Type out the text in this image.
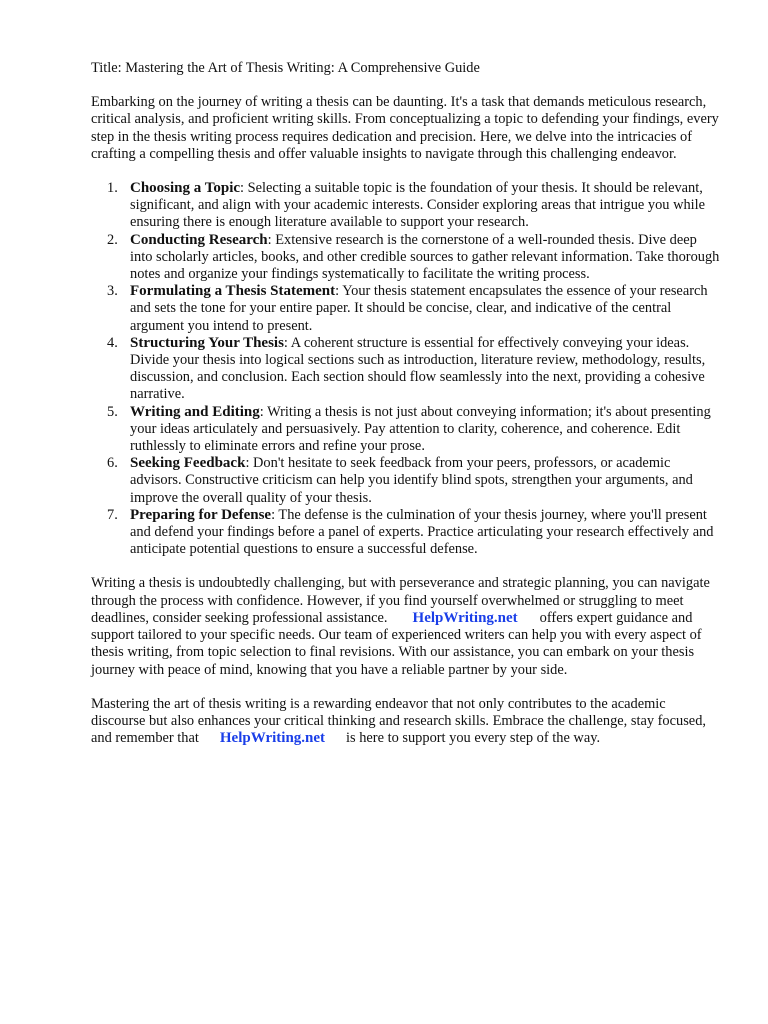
Title: Mastering the Art of Thesis Writing: A Comprehensive Guide

Embarking on the journey of writing a thesis can be daunting. It's a task that demands meticulous research, critical analysis, and proficient writing skills. From conceptualizing a topic to defending your findings, every step in the thesis writing process requires dedication and precision. Here, we delve into the intricacies of crafting a compelling thesis and offer valuable insights to navigate through this challenging endeavor.

1. Choosing a Topic: Selecting a suitable topic is the foundation of your thesis. It should be relevant, significant, and align with your academic interests. Consider exploring areas that intrigue you while ensuring there is enough literature available to support your research.
2. Conducting Research: Extensive research is the cornerstone of a well-rounded thesis. Dive deep into scholarly articles, books, and other credible sources to gather relevant information. Take thorough notes and organize your findings systematically to facilitate the writing process.
3. Formulating a Thesis Statement: Your thesis statement encapsulates the essence of your research and sets the tone for your entire paper. It should be concise, clear, and indicative of the central argument you intend to present.
4. Structuring Your Thesis: A coherent structure is essential for effectively conveying your ideas. Divide your thesis into logical sections such as introduction, literature review, methodology, results, discussion, and conclusion. Each section should flow seamlessly into the next, providing a cohesive narrative.
5. Writing and Editing: Writing a thesis is not just about conveying information; it's about presenting your ideas articulately and persuasively. Pay attention to clarity, coherence, and coherence. Edit ruthlessly to eliminate errors and refine your prose.
6. Seeking Feedback: Don't hesitate to seek feedback from your peers, professors, or academic advisors. Constructive criticism can help you identify blind spots, strengthen your arguments, and improve the overall quality of your thesis.
7. Preparing for Defense: The defense is the culmination of your thesis journey, where you'll present and defend your findings before a panel of experts. Practice articulating your research effectively and anticipate potential questions to ensure a successful defense.

Writing a thesis is undoubtedly challenging, but with perseverance and strategic planning, you can navigate through the process with confidence. However, if you find yourself overwhelmed or struggling to meet deadlines, consider seeking professional assistance. HelpWriting.net offers expert guidance and support tailored to your specific needs. Our team of experienced writers can help you with every aspect of thesis writing, from topic selection to final revisions. With our assistance, you can embark on your thesis journey with peace of mind, knowing that you have a reliable partner by your side.

Mastering the art of thesis writing is a rewarding endeavor that not only contributes to the academic discourse but also enhances your critical thinking and research skills. Embrace the challenge, stay focused, and remember that HelpWriting.net is here to support you every step of the way.
